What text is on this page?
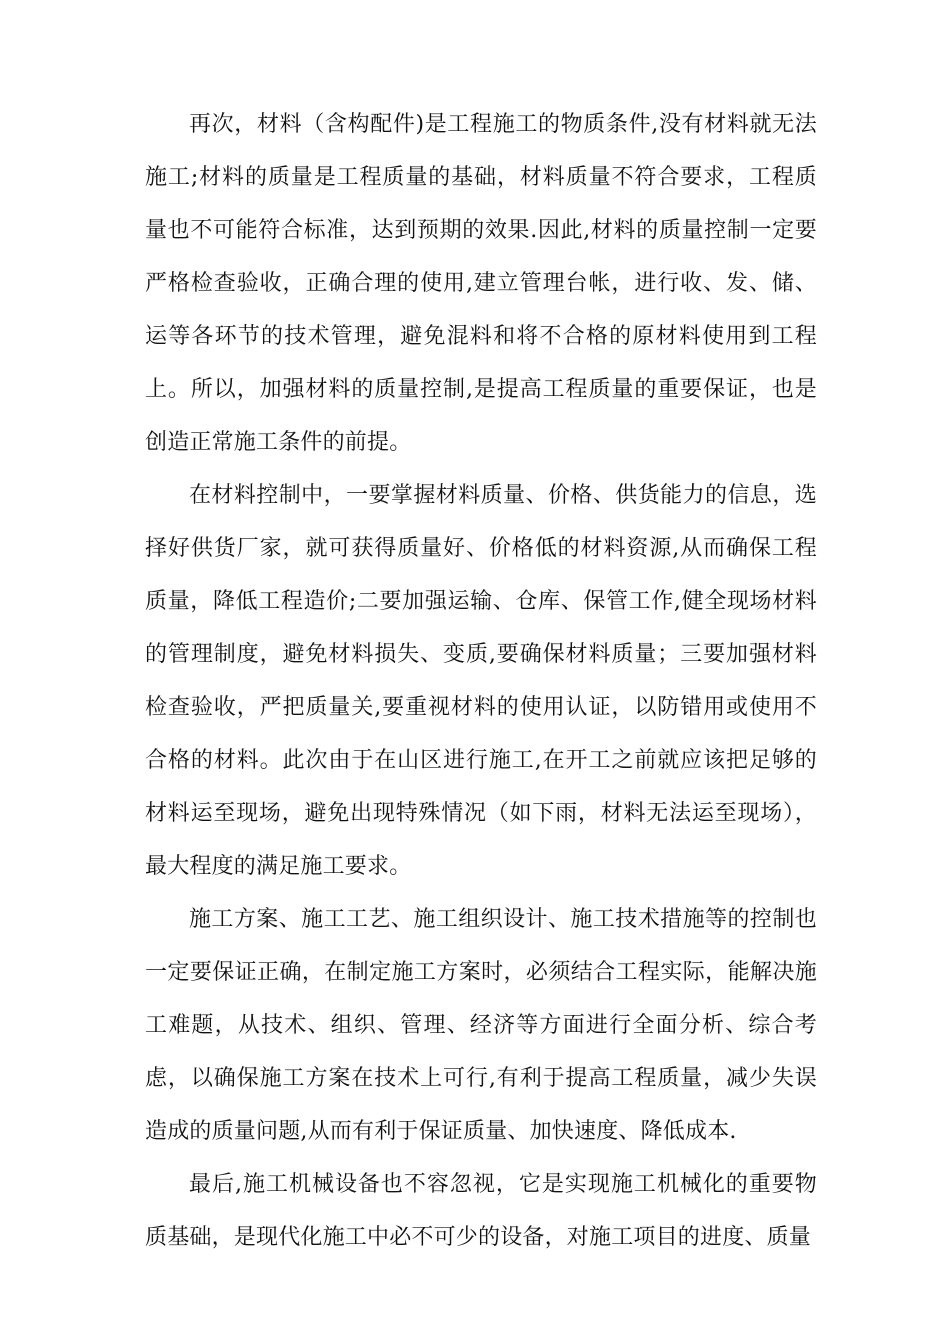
再次，材料（含构配件)是工程施工的物质条件,没有材料就无法施工;材料的质量是工程质量的基础，材料质量不符合要求，工程质量也不可能符合标准，达到预期的效果.因此,材料的质量控制一定要严格检查验收，正确合理的使用,建立管理台帐，进行收、发、储、运等各环节的技术管理，避免混料和将不合格的原材料使用到工程上。所以，加强材料的质量控制,是提高工程质量的重要保证，也是创造正常施工条件的前提。

在材料控制中，一要掌握材料质量、价格、供货能力的信息，选择好供货厂家，就可获得质量好、价格低的材料资源,从而确保工程质量，降低工程造价;二要加强运输、仓库、保管工作,健全现场材料的管理制度，避免材料损失、变质,要确保材料质量；三要加强材料检查验收，严把质量关,要重视材料的使用认证，以防错用或使用不合格的材料。此次由于在山区进行施工,在开工之前就应该把足够的材料运至现场，避免出现特殊情况（如下雨，材料无法运至现场），最大程度的满足施工要求。

施工方案、施工工艺、施工组织设计、施工技术措施等的控制也一定要保证正确，在制定施工方案时，必须结合工程实际，能解决施工难题，从技术、组织、管理、经济等方面进行全面分析、综合考虑，以确保施工方案在技术上可行,有利于提高工程质量，减少失误造成的质量问题,从而有利于保证质量、加快速度、降低成本.

最后,施工机械设备也不容忽视，它是实现施工机械化的重要物质基础，是现代化施工中必不可少的设备，对施工项目的进度、质量
